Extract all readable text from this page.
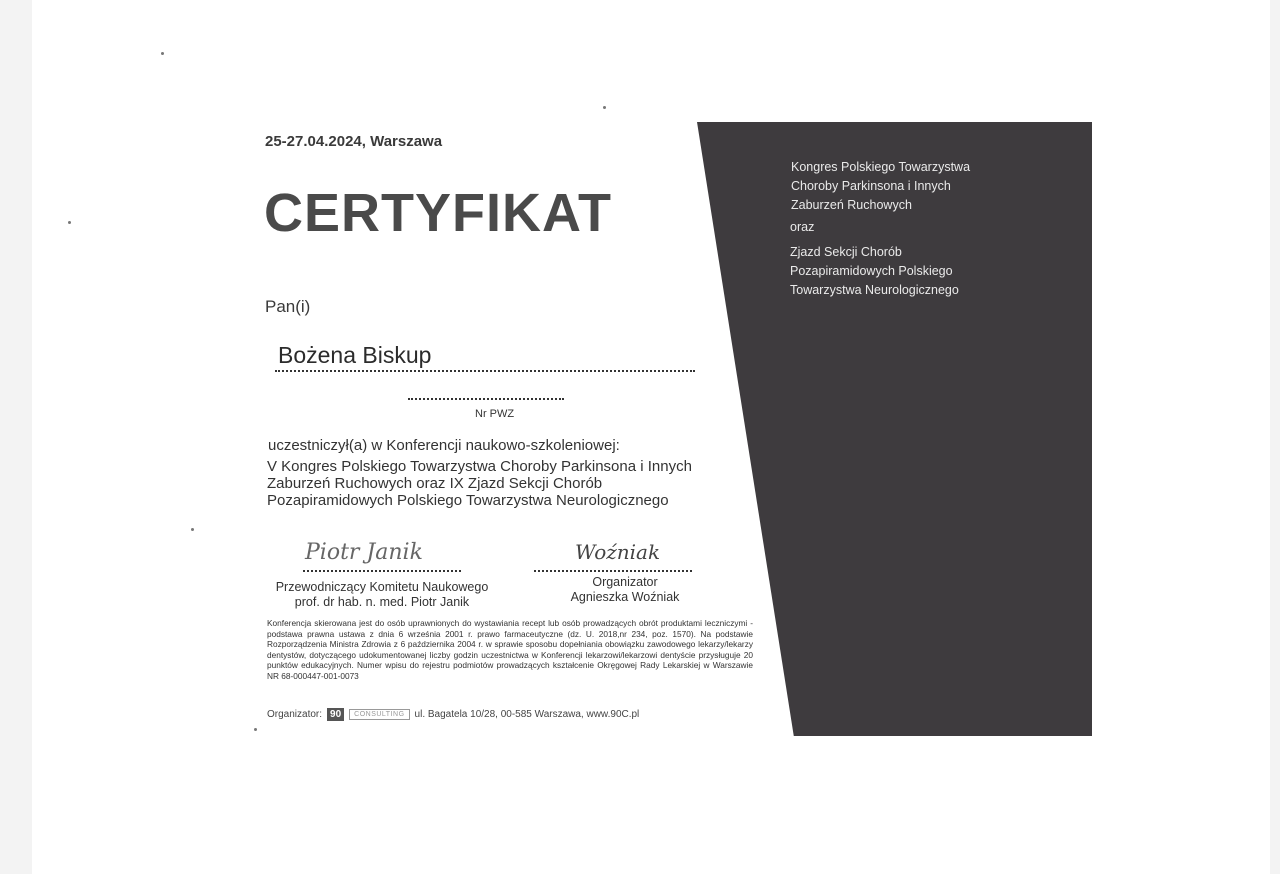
Kongres Polskiego Towarzystwa Choroby Parkinsona i Innych Zaburzeń Ruchowych
oraz
Zjazd Sekcji Chorób Pozapiramidowych Polskiego Towarzystwa Neurologicznego
25-27.04.2024, Warszawa
CERTYFIKAT
Pan(i)
Bożena Biskup
Nr PWZ
uczestniczył(a) w Konferencji naukowo-szkoleniowej:
V Kongres Polskiego Towarzystwa Choroby Parkinsona i Innych Zaburzeń Ruchowych oraz IX Zjazd Sekcji Chorób Pozapiramidowych Polskiego Towarzystwa Neurologicznego
Piotr Janik	Woźniak
Przewodniczący Komitetu Naukowego
prof. dr hab. n. med. Piotr Janik
Organizator
Agnieszka Woźniak
Konferencja skierowana jest do osób uprawnionych do wystawiania recept lub osób prowadzących obrót produktami leczniczymi - podstawa prawna ustawa z dnia 6 września 2001 r. prawo farmaceutyczne (dz. U. 2018,nr 234, poz. 1570). Na podstawie Rozporządzenia Ministra Zdrowia z 6 października 2004 r. w sprawie sposobu dopełniania obowiązku zawodowego lekarzy/lekarzy dentystów, dotyczącego udokumentowanej liczby godzin uczestnictwa w Konferencji lekarzowi/lekarzowi dentyście przysługuje 20 punktów edukacyjnych. Numer wpisu do rejestru podmiotów prowadzących kształcenie Okręgowej Rady Lekarskiej w Warszawie NR 68-000447-001-0073
Organizator: 90	CONSULTING	ul. Bagatela 10/28, 00-585 Warszawa, www.90C.pl
